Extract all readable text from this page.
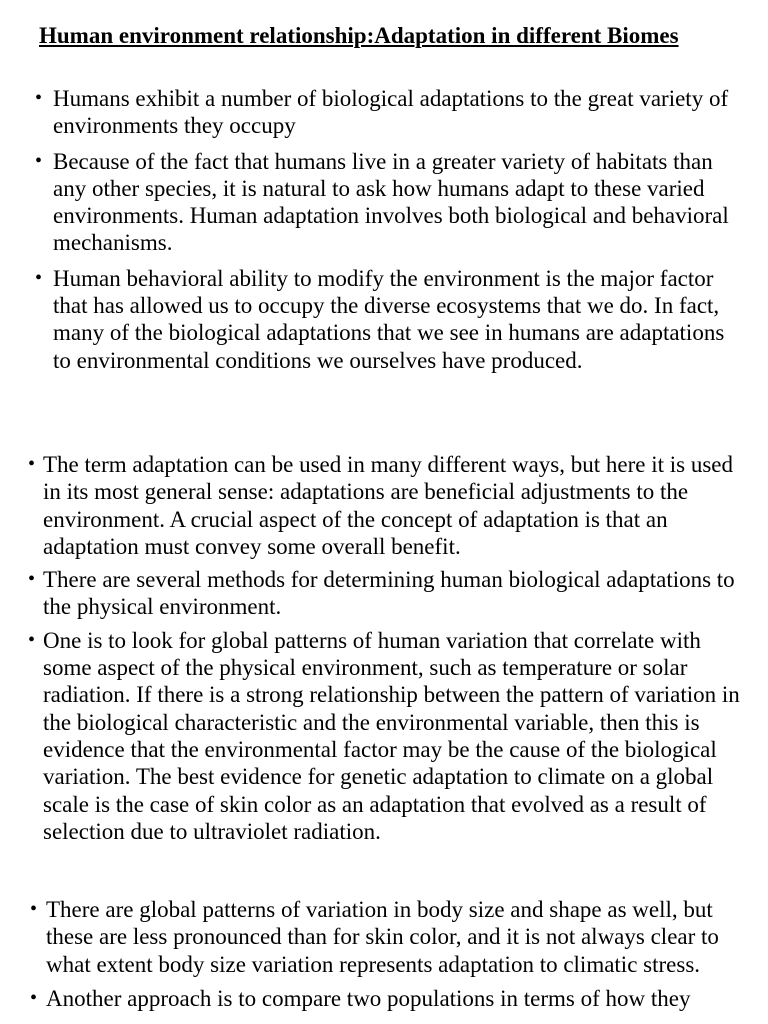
Human environment relationship:Adaptation in different Biomes
• Humans exhibit a number of biological adaptations to the great variety of environments they occupy
• Because of the fact that humans live in a greater variety of habitats than any other species, it is natural to ask how humans adapt to these varied environments. Human adaptation involves both biological and behavioral mechanisms.
• Human behavioral ability to modify the environment is the major factor that has allowed us to occupy the diverse ecosystems that we do. In fact, many of the biological adaptations that we see in humans are adaptations to environmental conditions we ourselves have produced.
• The term adaptation can be used in many different ways, but here it is used in its most general sense: adaptations are beneficial adjustments to the environment. A crucial aspect of the concept of adaptation is that an adaptation must convey some overall benefit.
• There are several methods for determining human biological adaptations to the physical environment.
• One is to look for global patterns of human variation that correlate with some aspect of the physical environment, such as temperature or solar radiation. If there is a strong relationship between the pattern of variation in the biological characteristic and the environmental variable, then this is evidence that the environmental factor may be the cause of the biological variation. The best evidence for genetic adaptation to climate on a global scale is the case of skin color as an adaptation that evolved as a result of selection due to ultraviolet radiation.
• There are global patterns of variation in body size and shape as well, but these are less pronounced than for skin color, and it is not always clear to what extent body size variation represents adaptation to climatic stress.
• Another approach is to compare two populations in terms of how they
